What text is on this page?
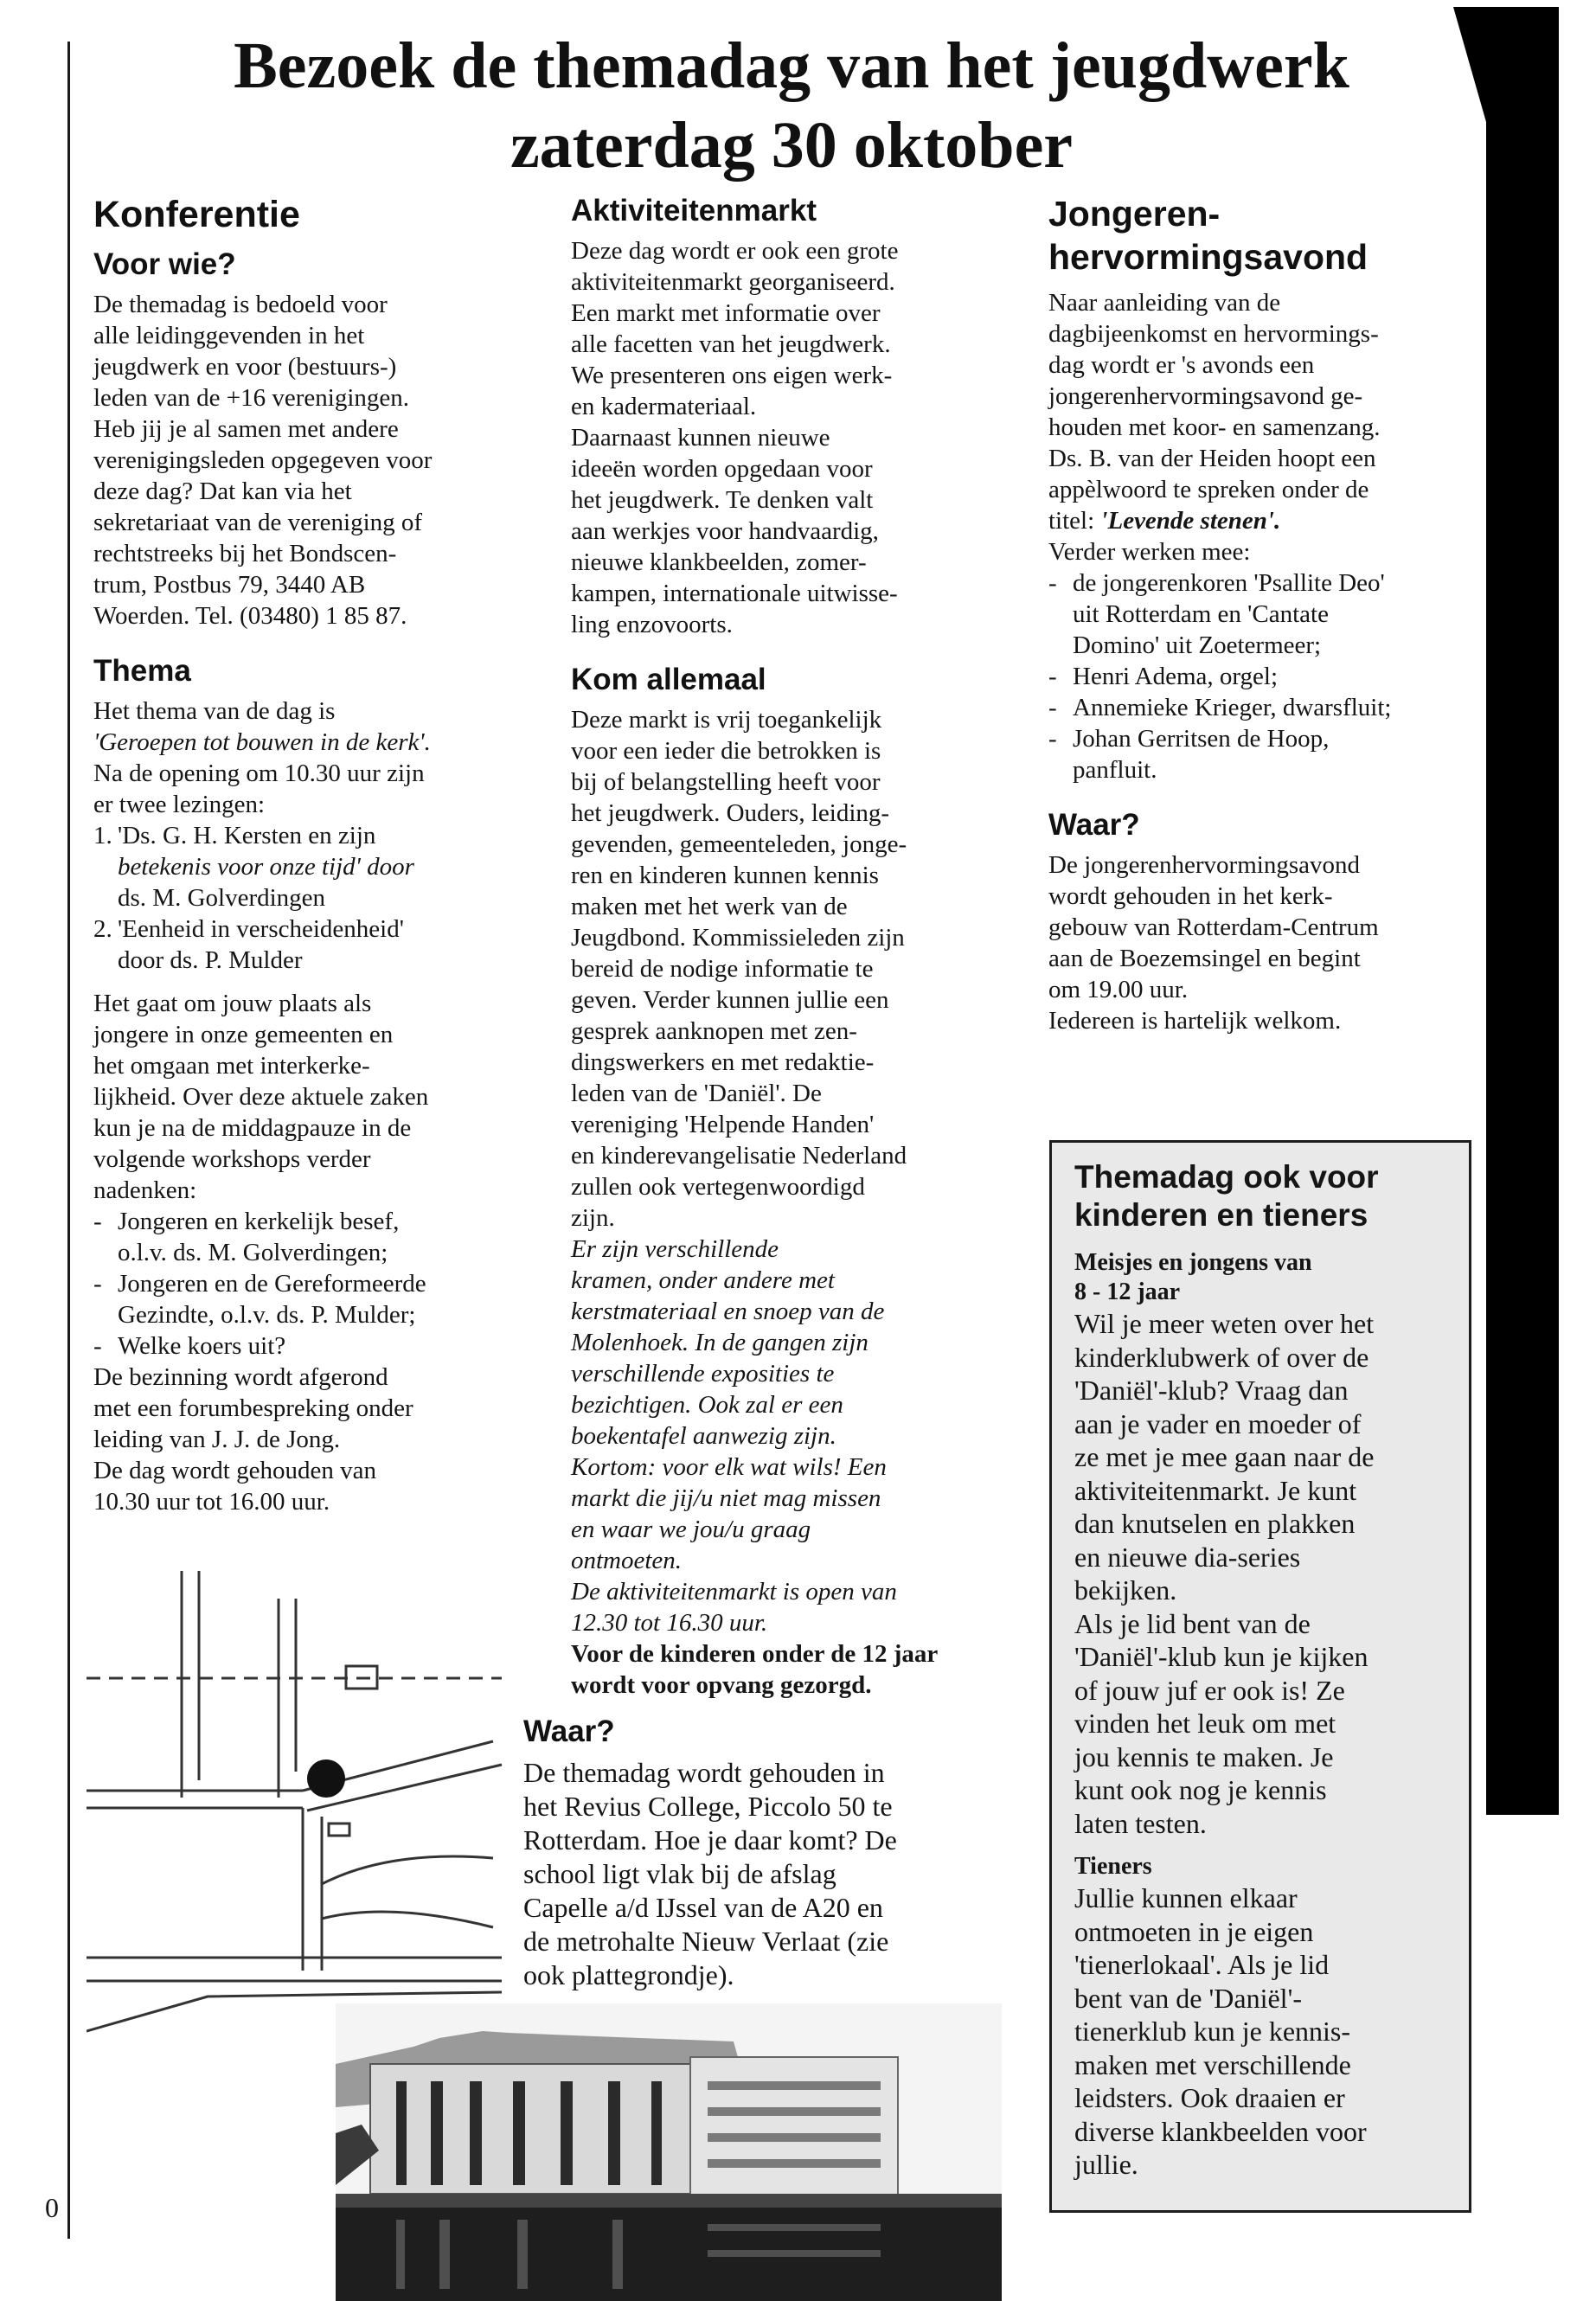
Bezoek de themadag van het jeugdwerk
zaterdag 30 oktober
Konferentie
Voor wie?

De themadag is bedoeld voor
alle leidinggevenden in het
jeugdwerk en voor (bestuurs-)
leden van de +16 verenigingen.
Heb jij je al samen met andere
verenigingsleden opgegeven voor
deze dag? Dat kan via het
sekretariaat van de vereniging of
rechtstreeks bij het Bondscen-
trum, Postbus 79, 3440 AB
Woerden. Tel. (03480) 1 85 87.

Thema

Het thema van de dag is

'Geroepen tot bouwen in de kerk'.

Na de opening om 10.30 uur zijn
er twee lezingen:

1. 'Ds. G. H. Kersten en zijn
betekenis voor onze tijd' door
ds. M. Golverdingen
2. 'Eenheid in verscheidenheid'
door ds. P. Mulder

Het gaat om jouw plaats als
jongere in onze gemeenten en
het omgaan met interkerke-
lijkheid. Over deze aktuele zaken
kun je na de middagpauze in de
volgende workshops verder
nadenken:

- Jongeren en kerkelijk besef,
o.l.v. ds. M. Golverdingen;
- Jongeren en de Gereformeerde
Gezindte, o.l.v. ds. P. Mulder;
- Welke koers uit?

De bezinning wordt afgerond
met een forumbespreking onder
leiding van J. J. de Jong.
De dag wordt gehouden van
10.30 uur tot 16.00 uur.

Aktiviteitenmarkt

Deze dag wordt er ook een grote
aktiviteitenmarkt georganiseerd.
Een markt met informatie over
alle facetten van het jeugdwerk.
We presenteren ons eigen werk-
en kadermateriaal.
Daarnaast kunnen nieuwe
ideeën worden opgedaan voor
het jeugdwerk. Te denken valt
aan werkjes voor handvaardig,
nieuwe klankbeelden, zomer-
kampen, internationale uitwisse-
ling enzovoorts.

Kom allemaal

Deze markt is vrij toegankelijk
voor een ieder die betrokken is
bij of belangstelling heeft voor
het jeugdwerk. Ouders, leiding-
gevenden, gemeenteleden, jonge-
ren en kinderen kunnen kennis
maken met het werk van de
Jeugdbond. Kommissieleden zijn
bereid de nodige informatie te
geven. Verder kunnen jullie een
gesprek aanknopen met zen-
dingswerkers en met redaktie-
leden van de 'Daniël'. De
vereniging 'Helpende Handen'
en kinderevangelisatie Nederland
zullen ook vertegenwoordigd
zijn.

Er zijn verschillende
kramen, onder andere met
kerstmateriaal en snoep van de
Molenhoek. In de gangen zijn
verschillende exposities te
bezichtigen. Ook zal er een
boekentafel aanwezig zijn.
Kortom: voor elk wat wils! Een
markt die jij/u niet mag missen
en waar we jou/u graag
ontmoeten.
De aktiviteitenmarkt is open van
12.30 tot 16.30 uur.

Voor de kinderen onder de 12 jaar
wordt voor opvang gezorgd.

Waar?

De themadag wordt gehouden in
het Revius College, Piccolo 50 te
Rotterdam. Hoe je daar komt? De
school ligt vlak bij de afslag
Capelle a/d IJssel van de A20 en
de metrohalte Nieuw Verlaat (zie
ook plattegrondje).

Jongeren-
hervormingsavond

Naar aanleiding van de
dagbijeenkomst en hervormings-
dag wordt er 's avonds een
jongerenhervormingsavond ge-
houden met koor- en samenzang.
Ds. B. van der Heiden hoopt een
appèlwoord te spreken onder de

titel: 'Levende stenen'.

Verder werken mee:

- de jongerenkoren 'Psallite Deo'
uit Rotterdam en 'Cantate
Domino' uit Zoetermeer;
- Henri Adema, orgel;
- Annemieke Krieger, dwarsfluit;
- Johan Gerritsen de Hoop,
panfluit.
Waar?

De jongerenhervormingsavond
wordt gehouden in het kerk-
gebouw van Rotterdam-Centrum
aan de Boezemsingel en begint
om 19.00 uur.
Iedereen is hartelijk welkom.

Themadag ook voor
kinderen en tieners

Meisjes en jongens van
8 - 12 jaar

Wil je meer weten over het
kinderklubwerk of over de
'Daniël'-klub? Vraag dan
aan je vader en moeder of
ze met je mee gaan naar de
aktiviteitenmarkt. Je kunt
dan knutselen en plakken
en nieuwe dia-series
bekijken.
Als je lid bent van de
'Daniël'-klub kun je kijken
of jouw juf er ook is! Ze
vinden het leuk om met
jou kennis te maken. Je
kunt ook nog je kennis
laten testen.

Tieners

Jullie kunnen elkaar
ontmoeten in je eigen
'tienerlokaal'. Als je lid
bent van de 'Daniël'-
tienerklub kun je kennis-
maken met verschillende
leidsters. Ook draaien er
diverse klankbeelden voor
jullie.

0
